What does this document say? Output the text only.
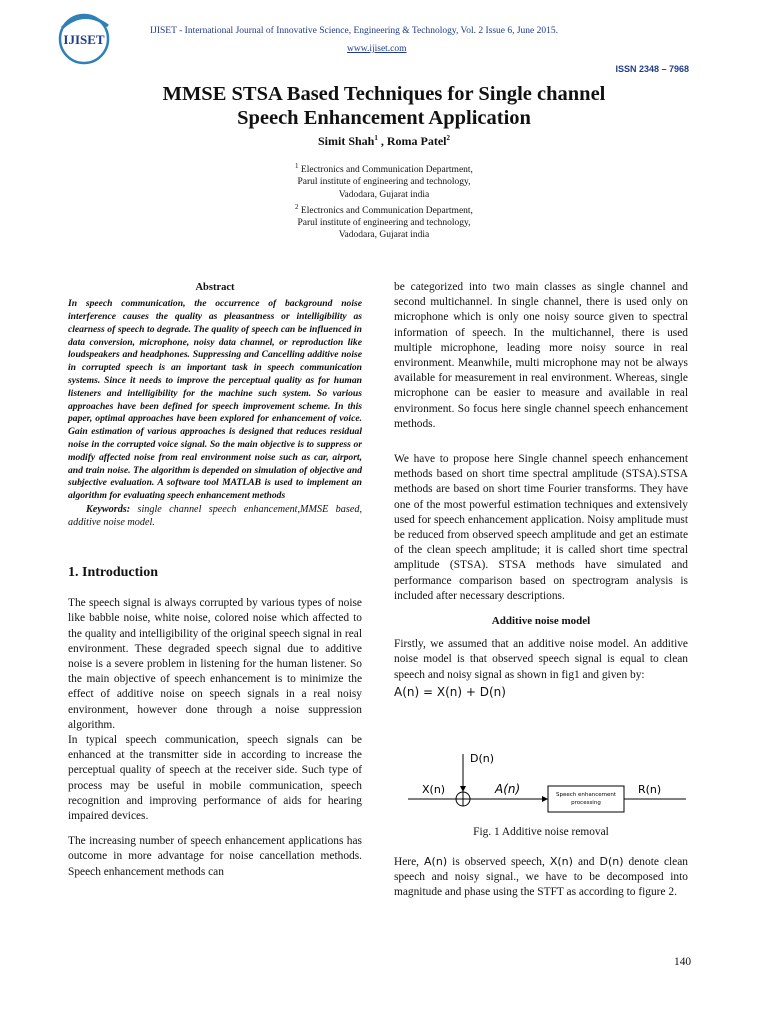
IJISET
IJISET - International Journal of Innovative Science, Engineering & Technology, Vol. 2 Issue 6, June 2015.
www.ijiset.com
ISSN 2348 – 7968
MMSE STSA Based Techniques for Single channel
Speech Enhancement Application
Simit Shah$^1$ , Roma Patel$^2$
$^1$ Electronics and Communication Department,
Parul institute of engineering and technology,
Vadodara, Gujarat india
$^2$ Electronics and Communication Department,
Parul institute of engineering and technology,
Vadodara, Gujarat india
Abstract

In speech communication, the occurrence of background noise interference causes the quality as pleasantness or intelligibility as clearness of speech to degrade. The quality of speech can be influenced in data conversion, microphone, noisy data channel, or reproduction like loudspeakers and headphones. Suppressing and Cancelling additive noise in corrupted speech is an important task in speech communication systems. Since it needs to improve the perceptual quality as for human listeners and intelligibility for the machine such system. So various approaches have been defined for speech improvement scheme. In this paper, optimal approaches have been explored for enhancement of voice. Gain estimation of various approaches is designed that reduces residual noise in the corrupted voice signal. So the main objective is to suppress or modify affected noise from real environment noise such as car, airport, and train noise. The algorithm is depended on simulation of objective and subjective evaluation. A software tool MATLAB is used to implement an algorithm for evaluating speech enhancement methods

Keywords: single channel speech enhancement,MMSE based, additive noise model.

1. Introduction

The speech signal is always corrupted by various types of noise like babble noise, white noise, colored noise which affected to the quality and intelligibility of the original speech signal in real environment. These degraded speech signal due to additive noise is a severe problem in listening for the human listener. So the main objective of speech enhancement is to minimize the effect of additive noise on speech signals in a real noisy environment, however done through a noise suppression algorithm.

In typical speech communication, speech signals can be enhanced at the transmitter side in according to increase the perceptual quality of speech at the receiver side. Such type of process may be useful in mobile communication, speech recognition and improving performance of aids for hearing impaired devices.

The increasing number of speech enhancement applications has outcome in more advantage for noise cancellation methods. Speech enhancement methods can

be categorized into two main classes as single channel and second multichannel. In single channel, there is used only on microphone which is only one noisy source given to spectral information of speech. In the multichannel, there is used multiple microphone, leading more noisy source in real environment. Meanwhile, multi microphone may not be always available for measurement in real environment. Whereas, single microphone can be easier to measure and available in real environment. So focus here single channel speech enhancement methods.

We have to propose here Single channel speech enhancement methods based on short time spectral amplitude (STSA).STSA methods are based on short time Fourier transforms. They have one of the most powerful estimation techniques and extensively used for speech enhancement application. Noisy amplitude must be reduced from observed speech amplitude and get an estimate of the clean speech amplitude; it is called short time spectral amplitude (STSA). STSA methods have simulated and performance comparison based on spectrogram analysis is included after necessary descriptions.

Additive noise model

Firstly, we assumed that an additive noise model. An additive noise model is that observed speech signal is equal to clean speech and noisy signal as shown in fig1 and given by:

A(n) = X(n) + D(n)
X(n)
D(n)
A(n)	Speech enhancement
processing
R(n)
Fig. 1 Additive noise removal
Here, A(n) is observed speech, X(n) and D(n) denote clean speech and noisy signal., we have to be decomposed into magnitude and phase using the STFT as according to figure 2.
140
